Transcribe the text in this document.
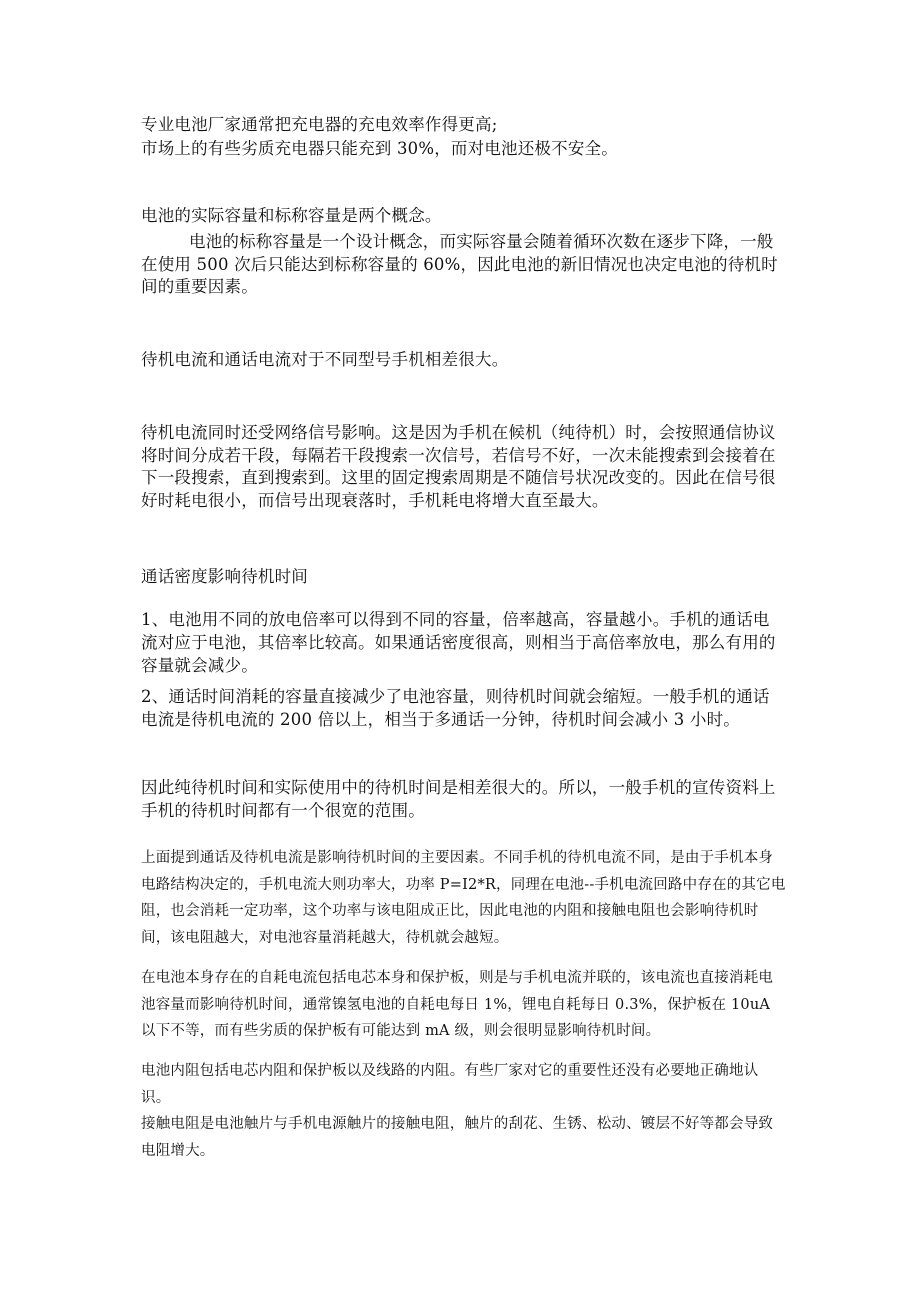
专业电池厂家通常把充电器的充电效率作得更高;

市场上的有些劣质充电器只能充到 30%，而对电池还极不安全。

电池的实际容量和标称容量是两个概念。

电池的标称容量是一个设计概念，而实际容量会随着循环次数在逐步下降，一般在使用 500 次后只能达到标称容量的 60%，因此电池的新旧情况也决定电池的待机时间的重要因素。

待机电流和通话电流对于不同型号手机相差很大。

待机电流同时还受网络信号影响。这是因为手机在候机（纯待机）时，会按照通信协议将时间分成若干段，每隔若干段搜索一次信号，若信号不好，一次未能搜索到会接着在下一段搜索，直到搜索到。这里的固定搜索周期是不随信号状况改变的。因此在信号很好时耗电很小，而信号出现衰落时，手机耗电将增大直至最大。

通话密度影响待机时间

1、电池用不同的放电倍率可以得到不同的容量，倍率越高，容量越小。手机的通话电流对应于电池，其倍率比较高。如果通话密度很高，则相当于高倍率放电，那么有用的容量就会减少。

2、通话时间消耗的容量直接减少了电池容量，则待机时间就会缩短。一般手机的通话电流是待机电流的 200 倍以上，相当于多通话一分钟，待机时间会减小 3 小时。

因此纯待机时间和实际使用中的待机时间是相差很大的。所以，一般手机的宣传资料上手机的待机时间都有一个很宽的范围。

上面提到通话及待机电流是影响待机时间的主要因素。不同手机的待机电流不同，是由于手机本身电路结构决定的，手机电流大则功率大，功率 P=I2*R，同理在电池--手机电流回路中存在的其它电阻，也会消耗一定功率，这个功率与该电阻成正比，因此电池的内阻和接触电阻也会影响待机时间，该电阻越大，对电池容量消耗越大，待机就会越短。

在电池本身存在的自耗电流包括电芯本身和保护板，则是与手机电流并联的，该电流也直接消耗电池容量而影响待机时间，通常镍氢电池的自耗电每日 1%，锂电自耗每日 0.3%，保护板在 10uA 以下不等，而有些劣质的保护板有可能达到 mA 级，则会很明显影响待机时间。

电池内阻包括电芯内阻和保护板以及线路的内阻。有些厂家对它的重要性还没有必要地正确地认识。

接触电阻是电池触片与手机电源触片的接触电阻，触片的刮花、生锈、松动、镀层不好等都会导致电阻增大。
